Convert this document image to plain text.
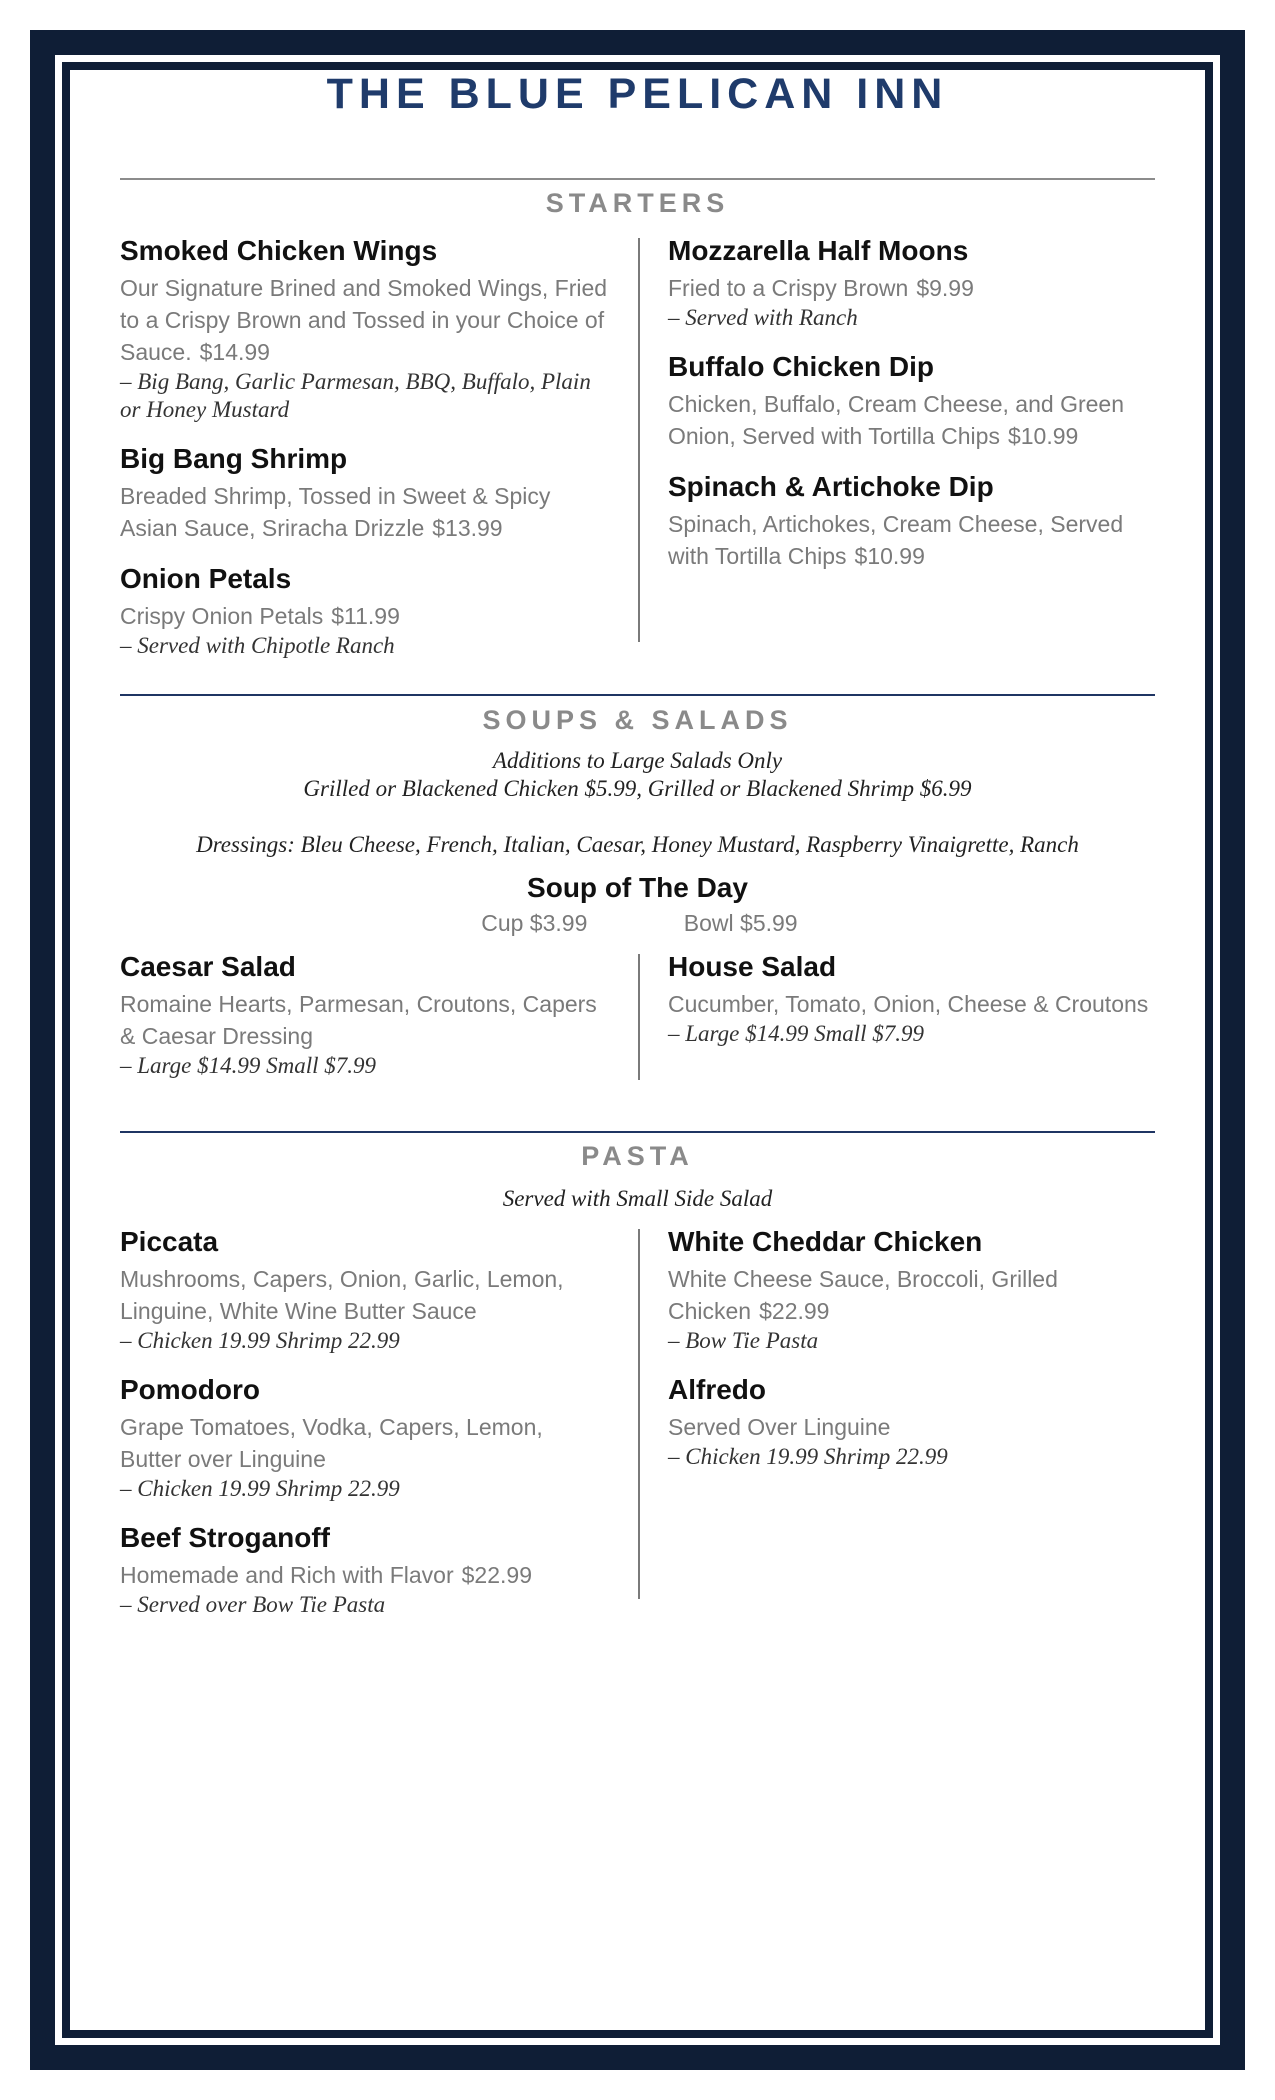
THE BLUE PELICAN INN
STARTERS
Smoked Chicken Wings
Our Signature Brined and Smoked Wings, Fried to a Crispy Brown and Tossed in your Choice of Sauce. $14.99
– Big Bang, Garlic Parmesan, BBQ, Buffalo, Plain or Honey Mustard
Big Bang Shrimp
Breaded Shrimp, Tossed in Sweet & Spicy Asian Sauce, Sriracha Drizzle $13.99
Onion Petals
Crispy Onion Petals $11.99
– Served with Chipotle Ranch
Mozzarella Half Moons
Fried to a Crispy Brown $9.99
– Served with Ranch
Buffalo Chicken Dip
Chicken, Buffalo, Cream Cheese, and Green Onion, Served with Tortilla Chips $10.99
Spinach & Artichoke Dip
Spinach, Artichokes, Cream Cheese, Served with Tortilla Chips $10.99
SOUPS & SALADS
Additions to Large Salads Only
Grilled or Blackened Chicken $5.99, Grilled or Blackened Shrimp $6.99
Dressings: Bleu Cheese, French, Italian, Caesar, Honey Mustard, Raspberry Vinaigrette, Ranch
Soup of The Day
Cup $3.99	Bowl $5.99
Caesar Salad
Romaine Hearts, Parmesan, Croutons, Capers & Caesar Dressing
– Large $14.99 Small $7.99
House Salad
Cucumber, Tomato, Onion, Cheese & Croutons
– Large $14.99 Small $7.99
PASTA
Served with Small Side Salad
Piccata
Mushrooms, Capers, Onion, Garlic, Lemon, Linguine, White Wine Butter Sauce
– Chicken 19.99 Shrimp 22.99
Pomodoro
Grape Tomatoes, Vodka, Capers, Lemon, Butter over Linguine
– Chicken 19.99 Shrimp 22.99
Beef Stroganoff
Homemade and Rich with Flavor $22.99
– Served over Bow Tie Pasta
White Cheddar Chicken
White Cheese Sauce, Broccoli, Grilled Chicken $22.99
– Bow Tie Pasta
Alfredo
Served Over Linguine
– Chicken 19.99 Shrimp 22.99
